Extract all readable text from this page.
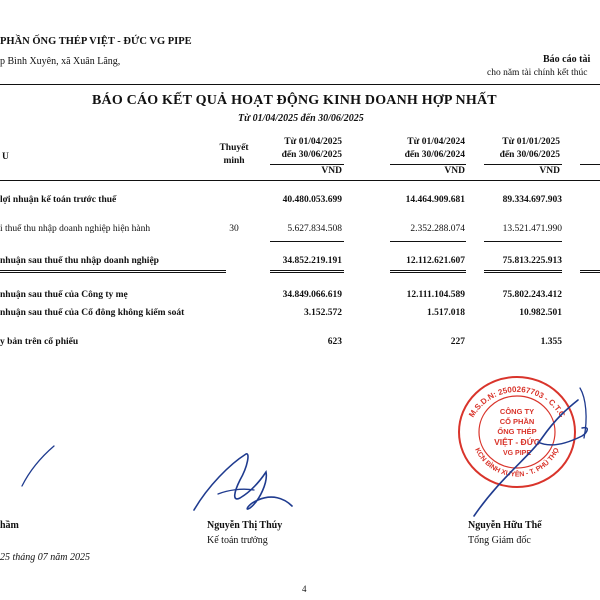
PHẦN ỐNG THÉP VIỆT - ĐỨC VG PIPE
p Bình Xuyên, xã Xuân Lãng,	Báo cáo tài
cho năm tài chính kết thúc
BÁO CÁO KẾT QUẢ HOẠT ĐỘNG KINH DOANH HỢP NHẤT
Từ 01/04/2025 đến 30/06/2025
U
Thuyết
minh
Từ 01/04/2025
đến 30/06/2025
VND
Từ 01/04/2024
đến 30/06/2024
VND
Từ 01/01/2025
đến 30/06/2025
VND
lợi nhuận kế toán trước thuế	40.480.053.699	14.464.909.681	89.334.697.903
i thuế thu nhập doanh nghiệp hiện hành	30	5.627.834.508	2.352.288.074	13.521.471.990
nhuận sau thuế thu nhập doanh nghiệp	34.852.219.191	12.112.621.607	75.813.225.913
nhuận sau thuế của Công ty mẹ	34.849.066.619	12.111.104.589	75.802.243.412
nhuận sau thuế của Cổ đông không kiểm soát	3.152.572	1.517.018	10.982.501
y bản trên cổ phiếu	623	227	1.355
M.S.D.N: 2500267703 - C.T.C
KCN BÌNH XUYÊN - T. PHÚ THỌ
CÔNG TY
CỔ PHẦN
ỐNG THÉP
VIỆT - ĐỨC
VG PIPE
hầm	Nguyễn Thị Thúy
Kế toán trưởng
Nguyễn Hữu Thể
Tổng Giám đốc
25 tháng 07 năm 2025
4
